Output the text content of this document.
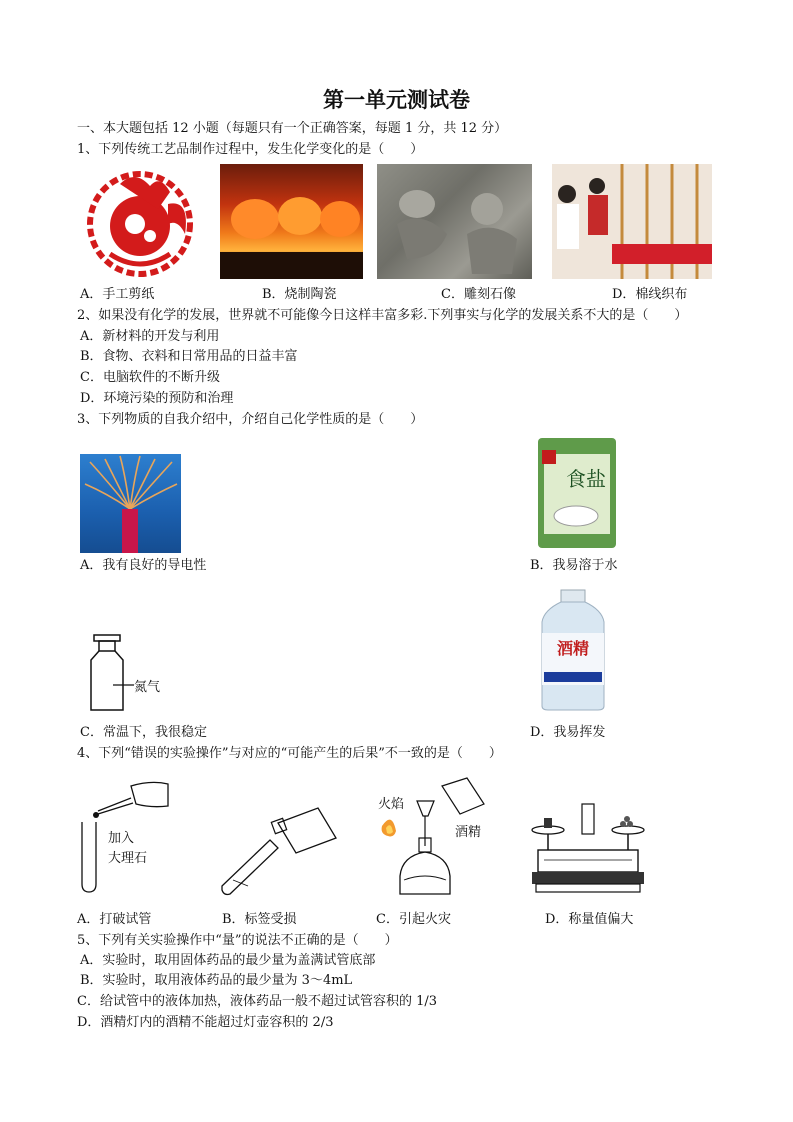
第一单元测试卷
一、本大题包括 12 小题（每题只有一个正确答案，每题 1 分，共 12 分）
1、下列传统工艺品制作过程中，发生化学变化的是（　　）
A．手工剪纸	B．烧制陶瓷	C．雕刻石像	D．棉线织布
2、如果没有化学的发展，世界就不可能像今日这样丰富多彩.下列事实与化学的发展关系不大的是（　　）
A．新材料的开发与利用
B．食物、衣料和日常用品的日益丰富
C．电脑软件的不断升级
D．环境污染的预防和治理
3、下列物质的自我介绍中，介绍自己化学性质的是（　　）
食盐
A．我有良好的导电性	B．我易溶于水
氮气
酒精
C．常温下，我很稳定	D．我易挥发
4、下列“错误的实验操作”与对应的“可能产生的后果”不一致的是（　　）
加入
大理石
火焰
酒精
A．打破试管	B．标签受损	C．引起火灾	D．称量值偏大
5、下列有关实验操作中“量”的说法不正确的是（　　）
A．实验时，取用固体药品的最少量为盖满试管底部
B．实验时，取用液体药品的最少量为 3～4mL
C．给试管中的液体加热，液体药品一般不超过试管容积的 1/3
D．酒精灯内的酒精不能超过灯壶容积的 2/3
